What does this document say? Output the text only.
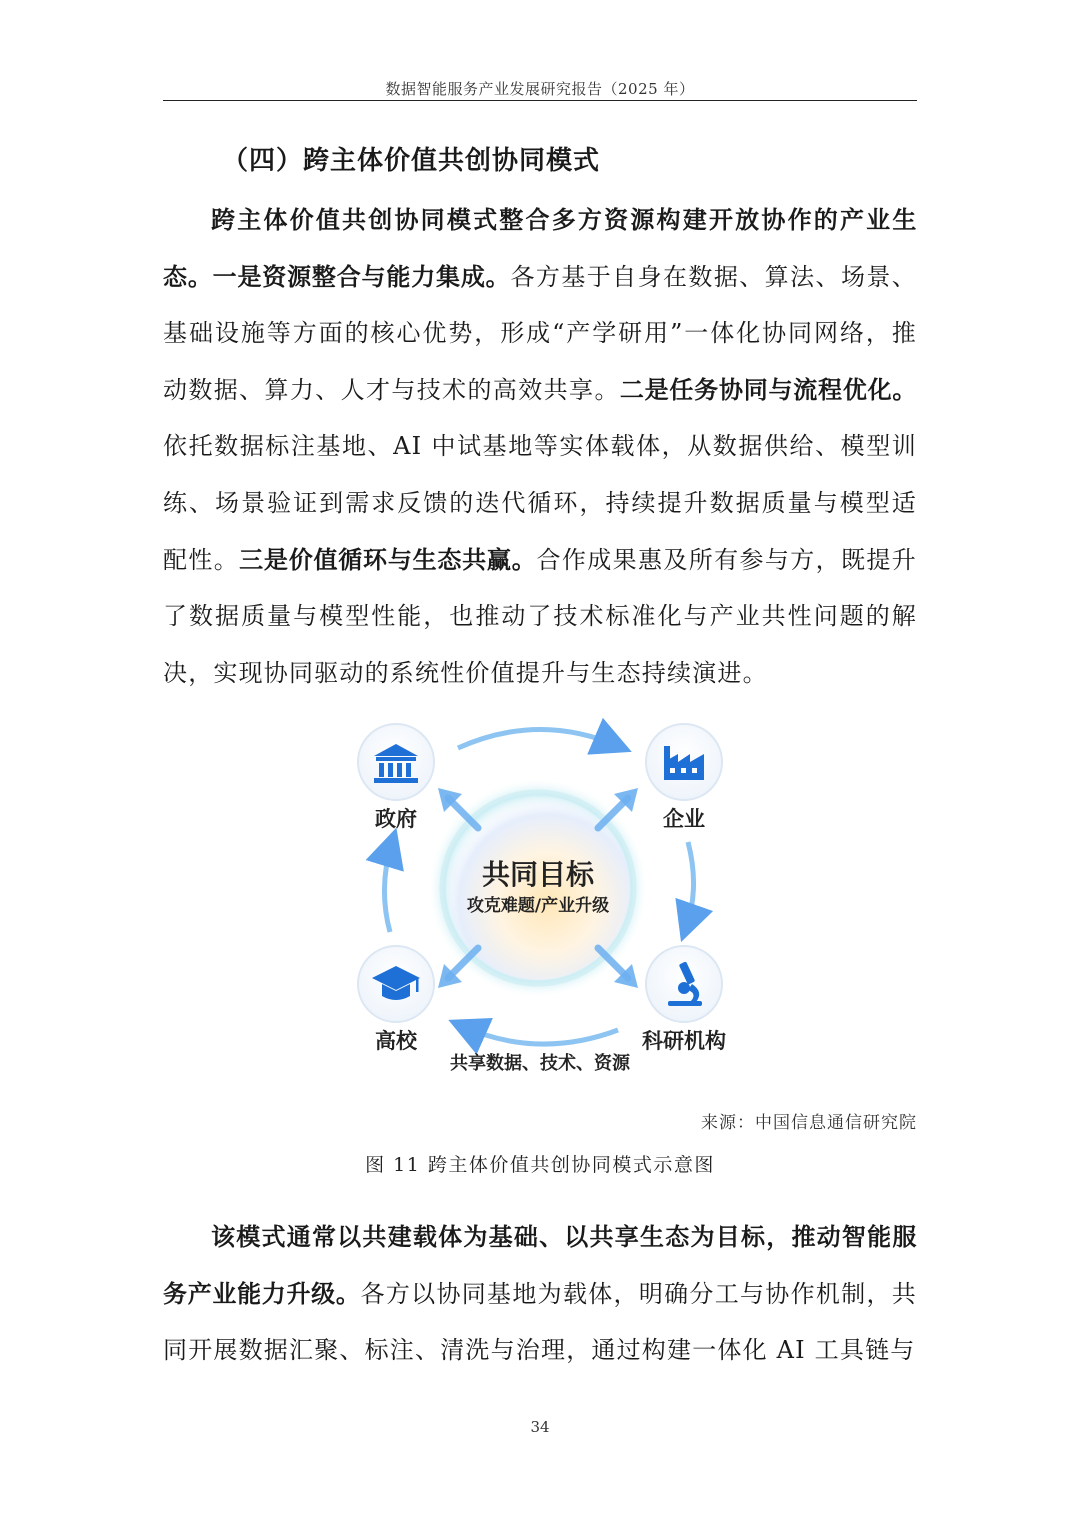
数据智能服务产业发展研究报告（2025 年）
（四）跨主体价值共创协同模式
跨主体价值共创协同模式整合多方资源构建开放协作的产业生态。一是资源整合与能力集成。各方基于自身在数据、算法、场景、基础设施等方面的核心优势，形成“产学研用”一体化协同网络，推动数据、算力、人才与技术的高效共享。二是任务协同与流程优化。依托数据标注基地、AI 中试基地等实体载体，从数据供给、模型训练、场景验证到需求反馈的迭代循环，持续提升数据质量与模型适配性。三是价值循环与生态共赢。合作成果惠及所有参与方，既提升了数据质量与模型性能，也推动了技术标准化与产业共性问题的解决，实现协同驱动的系统性价值提升与生态持续演进。
共同目标
攻克难题/产业升级
政府	企业
高校	科研机构
共享数据、技术、资源
来源：中国信息通信研究院
图 11 跨主体价值共创协同模式示意图
该模式通常以共建载体为基础、以共享生态为目标，推动智能服务产业能力升级。各方以协同基地为载体，明确分工与协作机制，共同开展数据汇聚、标注、清洗与治理，通过构建一体化 AI 工具链与
34
